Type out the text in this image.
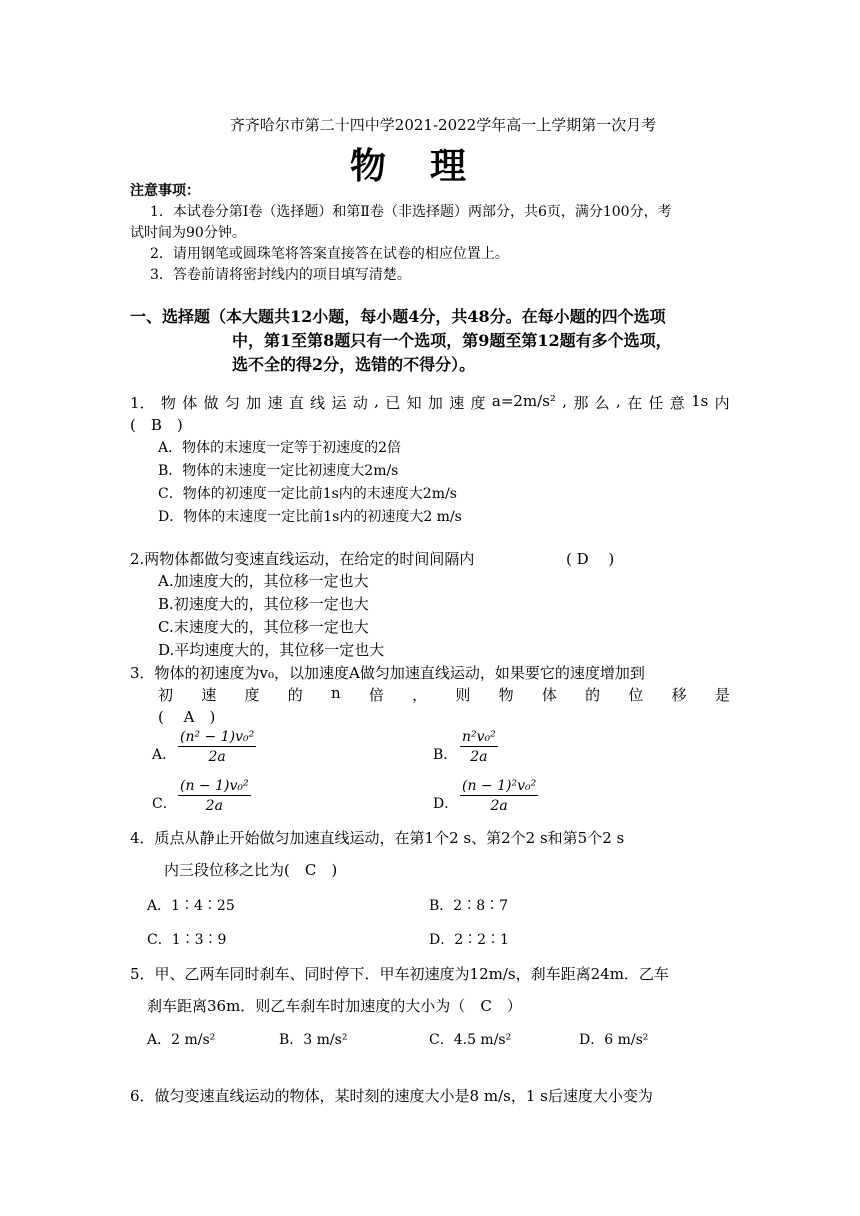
齐齐哈尔市第二十四中学2021-2022学年高一上学期第一次月考
物 理
注意事项：
1．本试卷分第Ⅰ卷（选择题）和第Ⅱ卷（非选择题）两部分，共6页，满分100分，考
试时间为90分钟。
2．请用钢笔或圆珠笔将答案直接答在试卷的相应位置上。
3．答卷前请将密封线内的项目填写清楚。
一、选择题（本大题共12小题，每小题4分，共48分。在每小题的四个选项
中，第1至第8题只有一个选项，第9题至第12题有多个选项，
选不全的得2分，选错的不得分）。
1． 物 体 做 匀 加 速 直 线 运 动 , 已 知 加 速 度 a=2m/s² , 那 么 , 在 任 意 1s 内
(　B　)
A．物体的末速度一定等于初速度的2倍
B．物体的末速度一定比初速度大2m/s
C．物体的初速度一定比前1s内的末速度大2m/s
D．物体的末速度一定比前1s内的初速度大2 m/s
2.两物体都做匀变速直线运动，在给定的时间间隔内	( D　 )
A.加速度大的，其位移一定也大
B.初速度大的，其位移一定也大
C.末速度大的，其位移一定也大
D.平均速度大的，其位移一定也大
3．物体的初速度为v₀，以加速度A做匀加速直线运动，如果要它的速度增加到
初 速 度 的 n 倍 ， 则 物 体 的 位 移 是
(　 A　)
A． $\frac{\text{(n² − 1)v₀²}}{2a}$	B． $\frac{\text{n²v₀²}}{2a}$
C． $\frac{\text{(n − 1)v₀²}}{2a}$	D． $\frac{\text{(n − 1)²v₀²}}{2a}$
4．质点从静止开始做匀加速直线运动，在第1个2 s、第2个2 s和第5个2 s
内三段位移之比为(　C　)
A．1∶4∶25	B．2∶8∶7
C．1∶3∶9	D．2∶2∶1
5．甲、乙两车同时刹车、同时停下．甲车初速度为12m/s，刹车距离24m．乙车
刹车距离36m．则乙车刹车时加速度的大小为（　C　）
A．2 m/s²	B．3 m/s²	C．4.5 m/s²	D．6 m/s²
6．做匀变速直线运动的物体，某时刻的速度大小是8 m/s，1 s后速度大小变为
